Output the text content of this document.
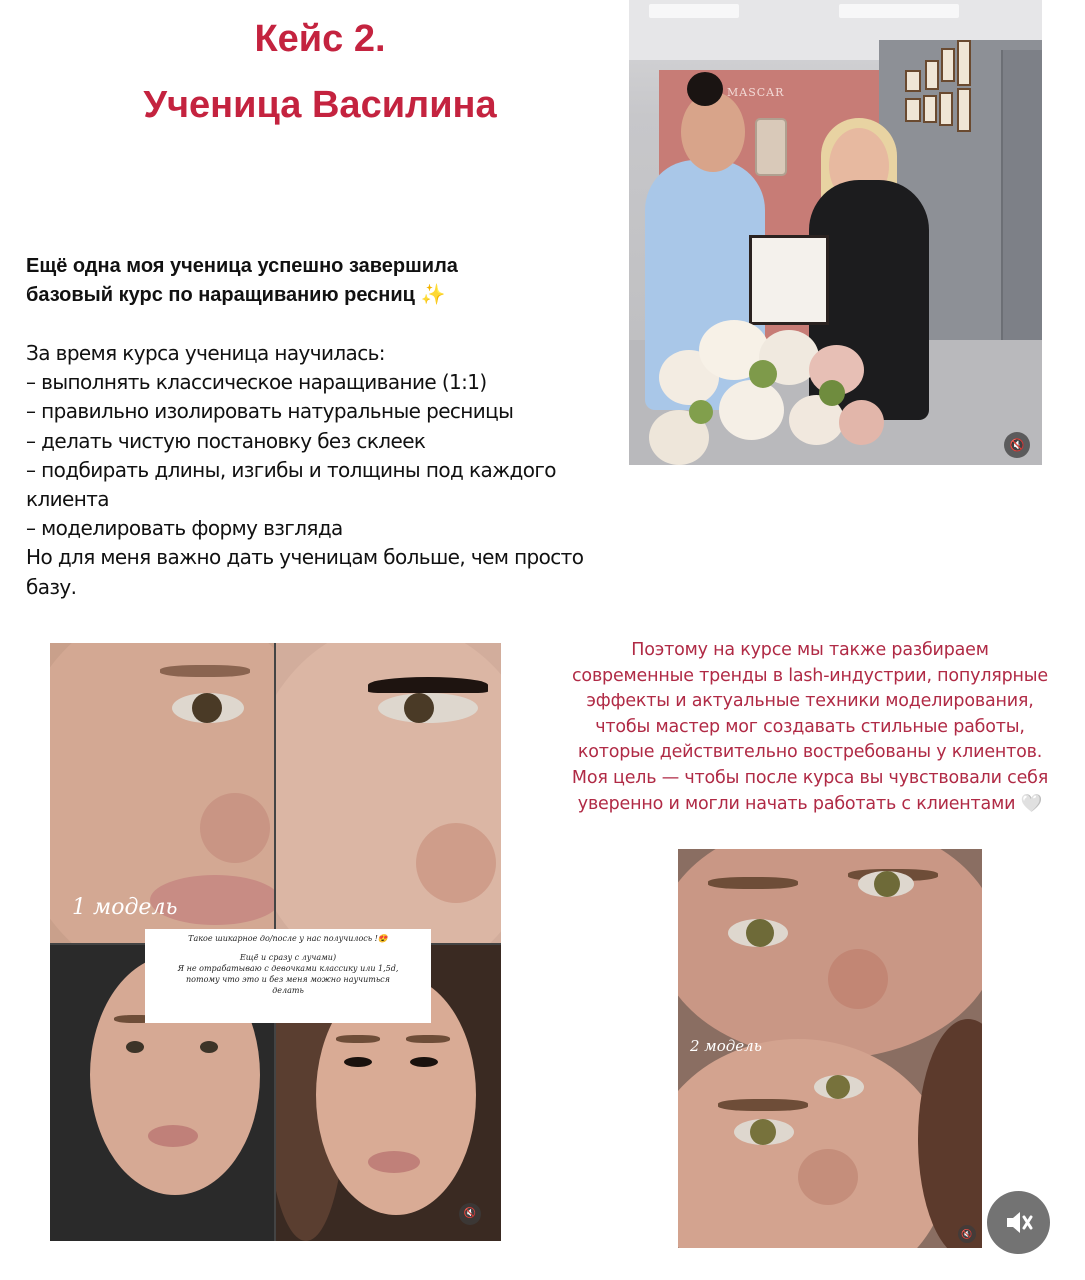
Кейс 2.
Ученица Василина
Ещё одна моя ученица успешно завершила
базовый курс по наращиванию ресниц ✨
За время курса ученица научилась:
– выполнять классическое наращивание (1:1)
– правильно изолировать натуральные ресницы
– делать чистую постановку без склеек
– подбирать длины, изгибы и толщины под каждого
клиента
– моделировать форму взгляда
Но для меня важно дать ученицам больше, чем просто
базу.
Поэтому на курсе мы также разбираем
современные тренды в lash-индустрии, популярные
эффекты и актуальные техники моделирования,
чтобы мастер мог создавать стильные работы,
которые действительно востребованы у клиентов.
Моя цель — чтобы после курса вы чувствовали себя
уверенно и могли начать работать с клиентами 🤍
MASCAR
🔇
1 модель
🔇
Такое шикарное до/после у нас получилось !😍
Ещё и сразу с лучами)
Я не отрабатываю с девочками классику или 1,5d,
потому что это и без меня можно научиться
делать
2 модель
🔇
